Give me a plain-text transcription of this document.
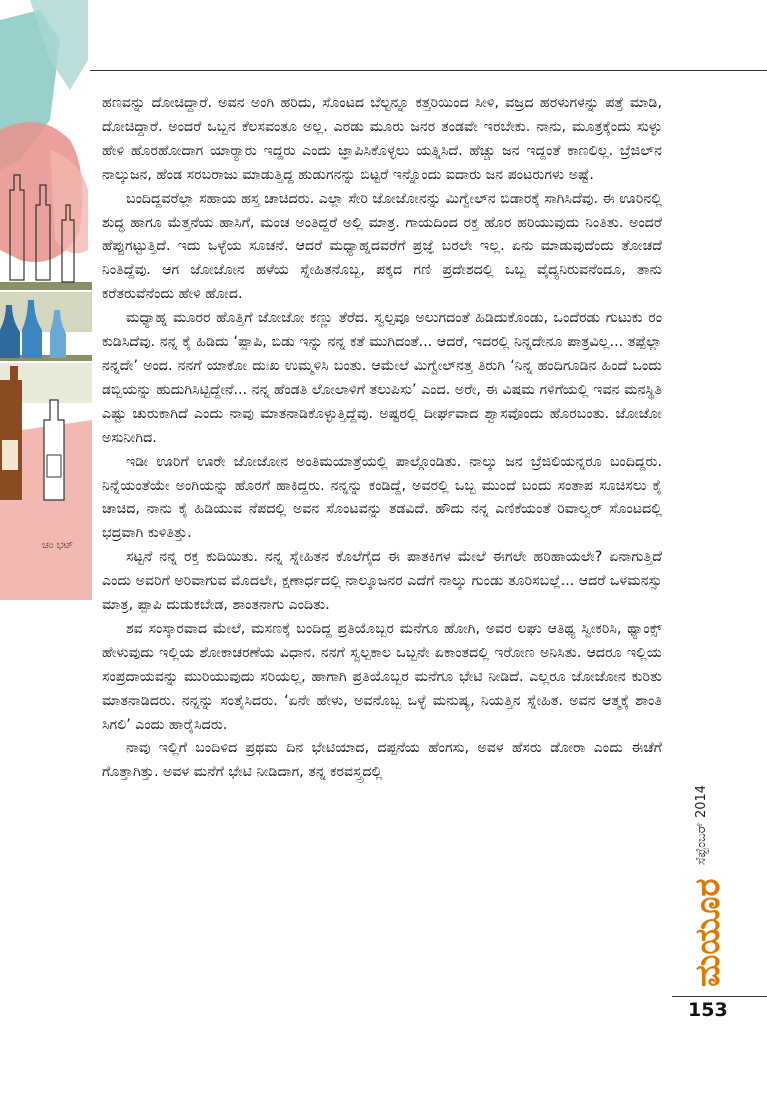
ಚಂ ಭಟ್

ಹಣವನ್ನು ದೋಚಿದ್ದಾರೆ. ಅವನ ಅಂಗಿ ಹರಿದು, ಸೊಂಟದ ಬೆಲ್ಟನ್ನೂ ಕತ್ತರಿಯಿಂದ ಸೀಳಿ, ವಜ್ರದ ಹರಳುಗಳನ್ನು ಪತ್ತೆ ಮಾಡಿ, ದೋಚಿದ್ದಾರೆ. ಅಂದರೆ ಒಬ್ಬನ ಕೆಲಸವಂತೂ ಅಲ್ಲ. ಎರಡು ಮೂರು ಜನರ ತಂಡವೇ ಇರಬೇಕು. ನಾನು, ಮೂತ್ರಕ್ಕೆಂದು ಸುಳ್ಳು ಹೇಳಿ ಹೊರಹೋದಾಗ ಯಾರ್‍ಯಾರು ಇದ್ದರು ಎಂದು ಜ್ಞಾಪಿಸಿಕೊಳ್ಳಲು ಯತ್ನಿಸಿದೆ. ಹೆಚ್ಚು ಜನ ಇದ್ದಂತೆ ಕಾಣಲಿಲ್ಲ. ಬ್ರೆಜಿಲ್‌ನ ನಾಲ್ಕುಜನ, ಹೆಂಡ ಸರಬರಾಜು ಮಾಡುತ್ತಿದ್ದ ಹುಡುಗನನ್ನು ಬಿಟ್ಟರೆ ಇನ್ನೊಂದು ಐದಾರು ಜನ ಪಂಟರುಗಳು ಅಷ್ಟೆ.

ಬಂದಿದ್ದವರೆಲ್ಲಾ ಸಹಾಯ ಹಸ್ತ ಚಾಚಿದರು. ಎಲ್ಲಾ ಸೇರಿ ಜೋಜೋನನ್ನು ಮಿಗ್ವೇಲ್‌ನ ಬಿಡಾರಕ್ಕೆ ಸಾಗಿಸಿದೆವು. ಈ ಊರಿನಲ್ಲಿ ಶುದ್ಧ ಹಾಗೂ ಮೆತ್ತನೆಯ ಹಾಸಿಗೆ, ಮಂಚ ಅಂತಿದ್ದರೆ ಅಲ್ಲಿ ಮಾತ್ರ. ಗಾಯದಿಂದ ರಕ್ತ ಹೊರ ಹರಿಯುವುದು ನಿಂತಿತು. ಅಂದರೆ ಹೆಪ್ಪುಗಟ್ಟುತ್ತಿದೆ. ಇದು ಒಳ್ಳೆಯ ಸೂಚನೆ. ಆದರೆ ಮಧ್ಯಾಹ್ನದವರೆಗೆ ಪ್ರಜ್ಞೆ ಬರಲೇ ಇಲ್ಲ. ಏನು ಮಾಡುವುದೆಂದು ತೋಚದೆ ನಿಂತಿದ್ದೆವು. ಆಗ ಜೋಜೋನ ಹಳೆಯ ಸ್ನೇಹಿತನೊಬ್ಬ, ಪಕ್ಕದ ಗಣಿ ಪ್ರದೇಶದಲ್ಲಿ ಒಬ್ಬ ವೈದ್ಯನಿರುವನೆಂದೂ, ತಾನು ಕರೆತರುವೆನೆಂದು ಹೇಳಿ ಹೋದ.

ಮಧ್ಯಾಹ್ನ ಮೂರರ ಹೊತ್ತಿಗೆ ಜೋಜೋ ಕಣ್ಣು ತೆರೆದ. ಸ್ವಲ್ಪವೂ ಅಲುಗದಂತೆ ಹಿಡಿದುಕೊಂಡು, ಒಂದೆರಡು ಗುಟುಕು ರಂ ಕುಡಿಸಿದೆವು. ನನ್ನ ಕೈ ಹಿಡಿದು ‘ಪ್ಪಾಪಿ, ಬಿಡು ಇನ್ನು ನನ್ನ ಕತೆ ಮುಗಿದಂತೆ... ಆದರೆ, ಇದರಲ್ಲಿ ನಿನ್ನದೇನೂ ಪಾತ್ರವಿಲ್ಲ... ತಪ್ಪೆಲ್ಲಾ ನನ್ನದೇ’ ಅಂದ. ನನಗೆ ಯಾಕೋ ದುಃಖ ಉಮ್ಮಳಿಸಿ ಬಂತು. ಆಮೇಲೆ ಮಿಗ್ವೇಲ್‌ನತ್ತ ತಿರುಗಿ ‘ನಿನ್ನ ಹಂದಿಗೂಡಿನ ಹಿಂದೆ ಒಂದು ಡಬ್ಬಿಯನ್ನು ಹುದುಗಿಸಿಟ್ಟಿದ್ದೇನೆ... ನನ್ನ ಹೆಂಡತಿ ಲೋಲಾಳಿಗೆ ತಲುಪಿಸು’ ಎಂದ. ಅರೇ, ಈ ವಿಷಮ ಗಳಿಗೆಯಲ್ಲಿ ಇವನ ಮನಸ್ಥಿತಿ ಎಷ್ಟು ಚುರುಕಾಗಿದೆ ಎಂದು ನಾವು ಮಾತನಾಡಿಕೊಳ್ಳುತ್ತಿದ್ದೆವು. ಅಷ್ಟರಲ್ಲಿ ದೀರ್ಘವಾದ ಶ್ವಾಸವೊಂದು ಹೊರಬಂತು. ಜೋಜೋ ಅಸುನೀಗಿದ.

ಇಡೀ ಊರಿಗೆ ಊರೇ ಜೋಜೋನ ಅಂತಿಮಯಾತ್ರೆಯಲ್ಲಿ ಪಾಲ್ಗೊಂಡಿತು. ನಾಲ್ಕು ಜನ ಬ್ರೆಜಿಲಿಯನ್ನರೂ ಬಂದಿದ್ದರು. ನಿನ್ನೆಯಂತೆಯೇ ಅಂಗಿಯನ್ನು ಹೊರಗೆ ಹಾಕಿದ್ದರು. ನನ್ನನ್ನು ಕಂಡಿದ್ದೆ, ಅವರಲ್ಲಿ ಒಬ್ಬ ಮುಂದೆ ಬಂದು ಸಂತಾಪ ಸೂಚಿಸಲು ಕೈ ಚಾಚಿದ, ನಾನು ಕೈ ಹಿಡಿಯುವ ನೆಪದಲ್ಲಿ ಅವನ ಸೊಂಟವನ್ನು ತಡವಿದೆ. ಹೌದು ನನ್ನ ಎಣಿಕೆಯಂತೆ ರಿವಾಲ್ವರ್ ಸೊಂಟದಲ್ಲಿ ಭದ್ರವಾಗಿ ಕುಳಿತಿತ್ತು.

ಸಟ್ಟನೆ ನನ್ನ ರಕ್ತ ಕುದಿಯಿತು. ನನ್ನ ಸ್ನೇಹಿತನ ಕೊಲೆಗೈದ ಈ ಪಾತಕಿಗಳ ಮೇಲೆ ಈಗಲೇ ಹರಿಹಾಯಲೇ? ಏನಾಗುತ್ತಿದೆ ಎಂದು ಅವರಿಗೆ ಅರಿವಾಗುವ ಮೊದಲೇ, ಕ್ಷಣಾರ್ಧದಲ್ಲಿ ನಾಲ್ಕೂಜನರ ಎದೆಗೆ ನಾಲ್ಕು ಗುಂಡು ತೂರಿಸಬಲ್ಲೆ... ಆದರೆ ಒಳಮನಸ್ಸು ಮಾತ್ರ, ಪ್ಪಾಪಿ ದುಡುಕಬೇಡ, ಶಾಂತನಾಗು ಎಂದಿತು.

ಶವ ಸಂಸ್ಕಾರವಾದ ಮೇಲೆ, ಮಸಣಕ್ಕೆ ಬಂದಿದ್ದ ಪ್ರತಿಯೊಬ್ಬರ ಮನೆಗೂ ಹೋಗಿ, ಅವರ ಲಘು ಆತಿಥ್ಯ ಸ್ವೀಕರಿಸಿ, ಥ್ಯಾಂಕ್ಸ್ ಹೇಳುವುದು ಇಲ್ಲಿಯ ಶೋಕಾಚರಣೆಯ ವಿಧಾನ. ನನಗೆ ಸ್ವಲ್ಪಕಾಲ ಒಬ್ಬನೇ ಏಕಾಂತದಲ್ಲಿ ಇರೋಣ ಅನಿಸಿತು. ಆದರೂ ಇಲ್ಲಿಯ ಸಂಪ್ರದಾಯವನ್ನು ಮುರಿಯುವುದು ಸರಿಯಲ್ಲ, ಹಾಗಾಗಿ ಪ್ರತಿಯೊಬ್ಬರ ಮನೆಗೂ ಭೇಟಿ ನೀಡಿದೆ. ಎಲ್ಲರೂ ಜೋಜೋನ ಕುರಿತು ಮಾತನಾಡಿದರು. ನನ್ನನ್ನು ಸಂತೈಸಿದರು. ‘ಏನೇ ಹೇಳು, ಅವನೊಬ್ಬ ಒಳ್ಳೆ ಮನುಷ್ಯ, ನಿಯತ್ತಿನ ಸ್ನೇಹಿತ. ಅವನ ಆತ್ಮಕ್ಕೆ ಶಾಂತಿ ಸಿಗಲಿ’ ಎಂದು ಹಾರೈಸಿದರು.

ನಾವು ಇಲ್ಲಿಗೆ ಬಂದಿಳಿದ ಪ್ರಥಮ ದಿನ ಭೇಟಿಯಾದ, ದಪ್ಪನೆಯ ಹೆಂಗಸು, ಅವಳ ಹೆಸರು ಡೋರಾ ಎಂದು ಈಚೆಗೆ ಗೊತ್ತಾಗಿತ್ತು. ಅವಳ ಮನೆಗೆ ಭೇಟಿ ನೀಡಿದಾಗ, ತನ್ನ ಕರವಸ್ತ್ರದಲ್ಲಿ

ಸೆಪ್ಟೆಂಬರ್ 2014
ಮಯೂರ
153
